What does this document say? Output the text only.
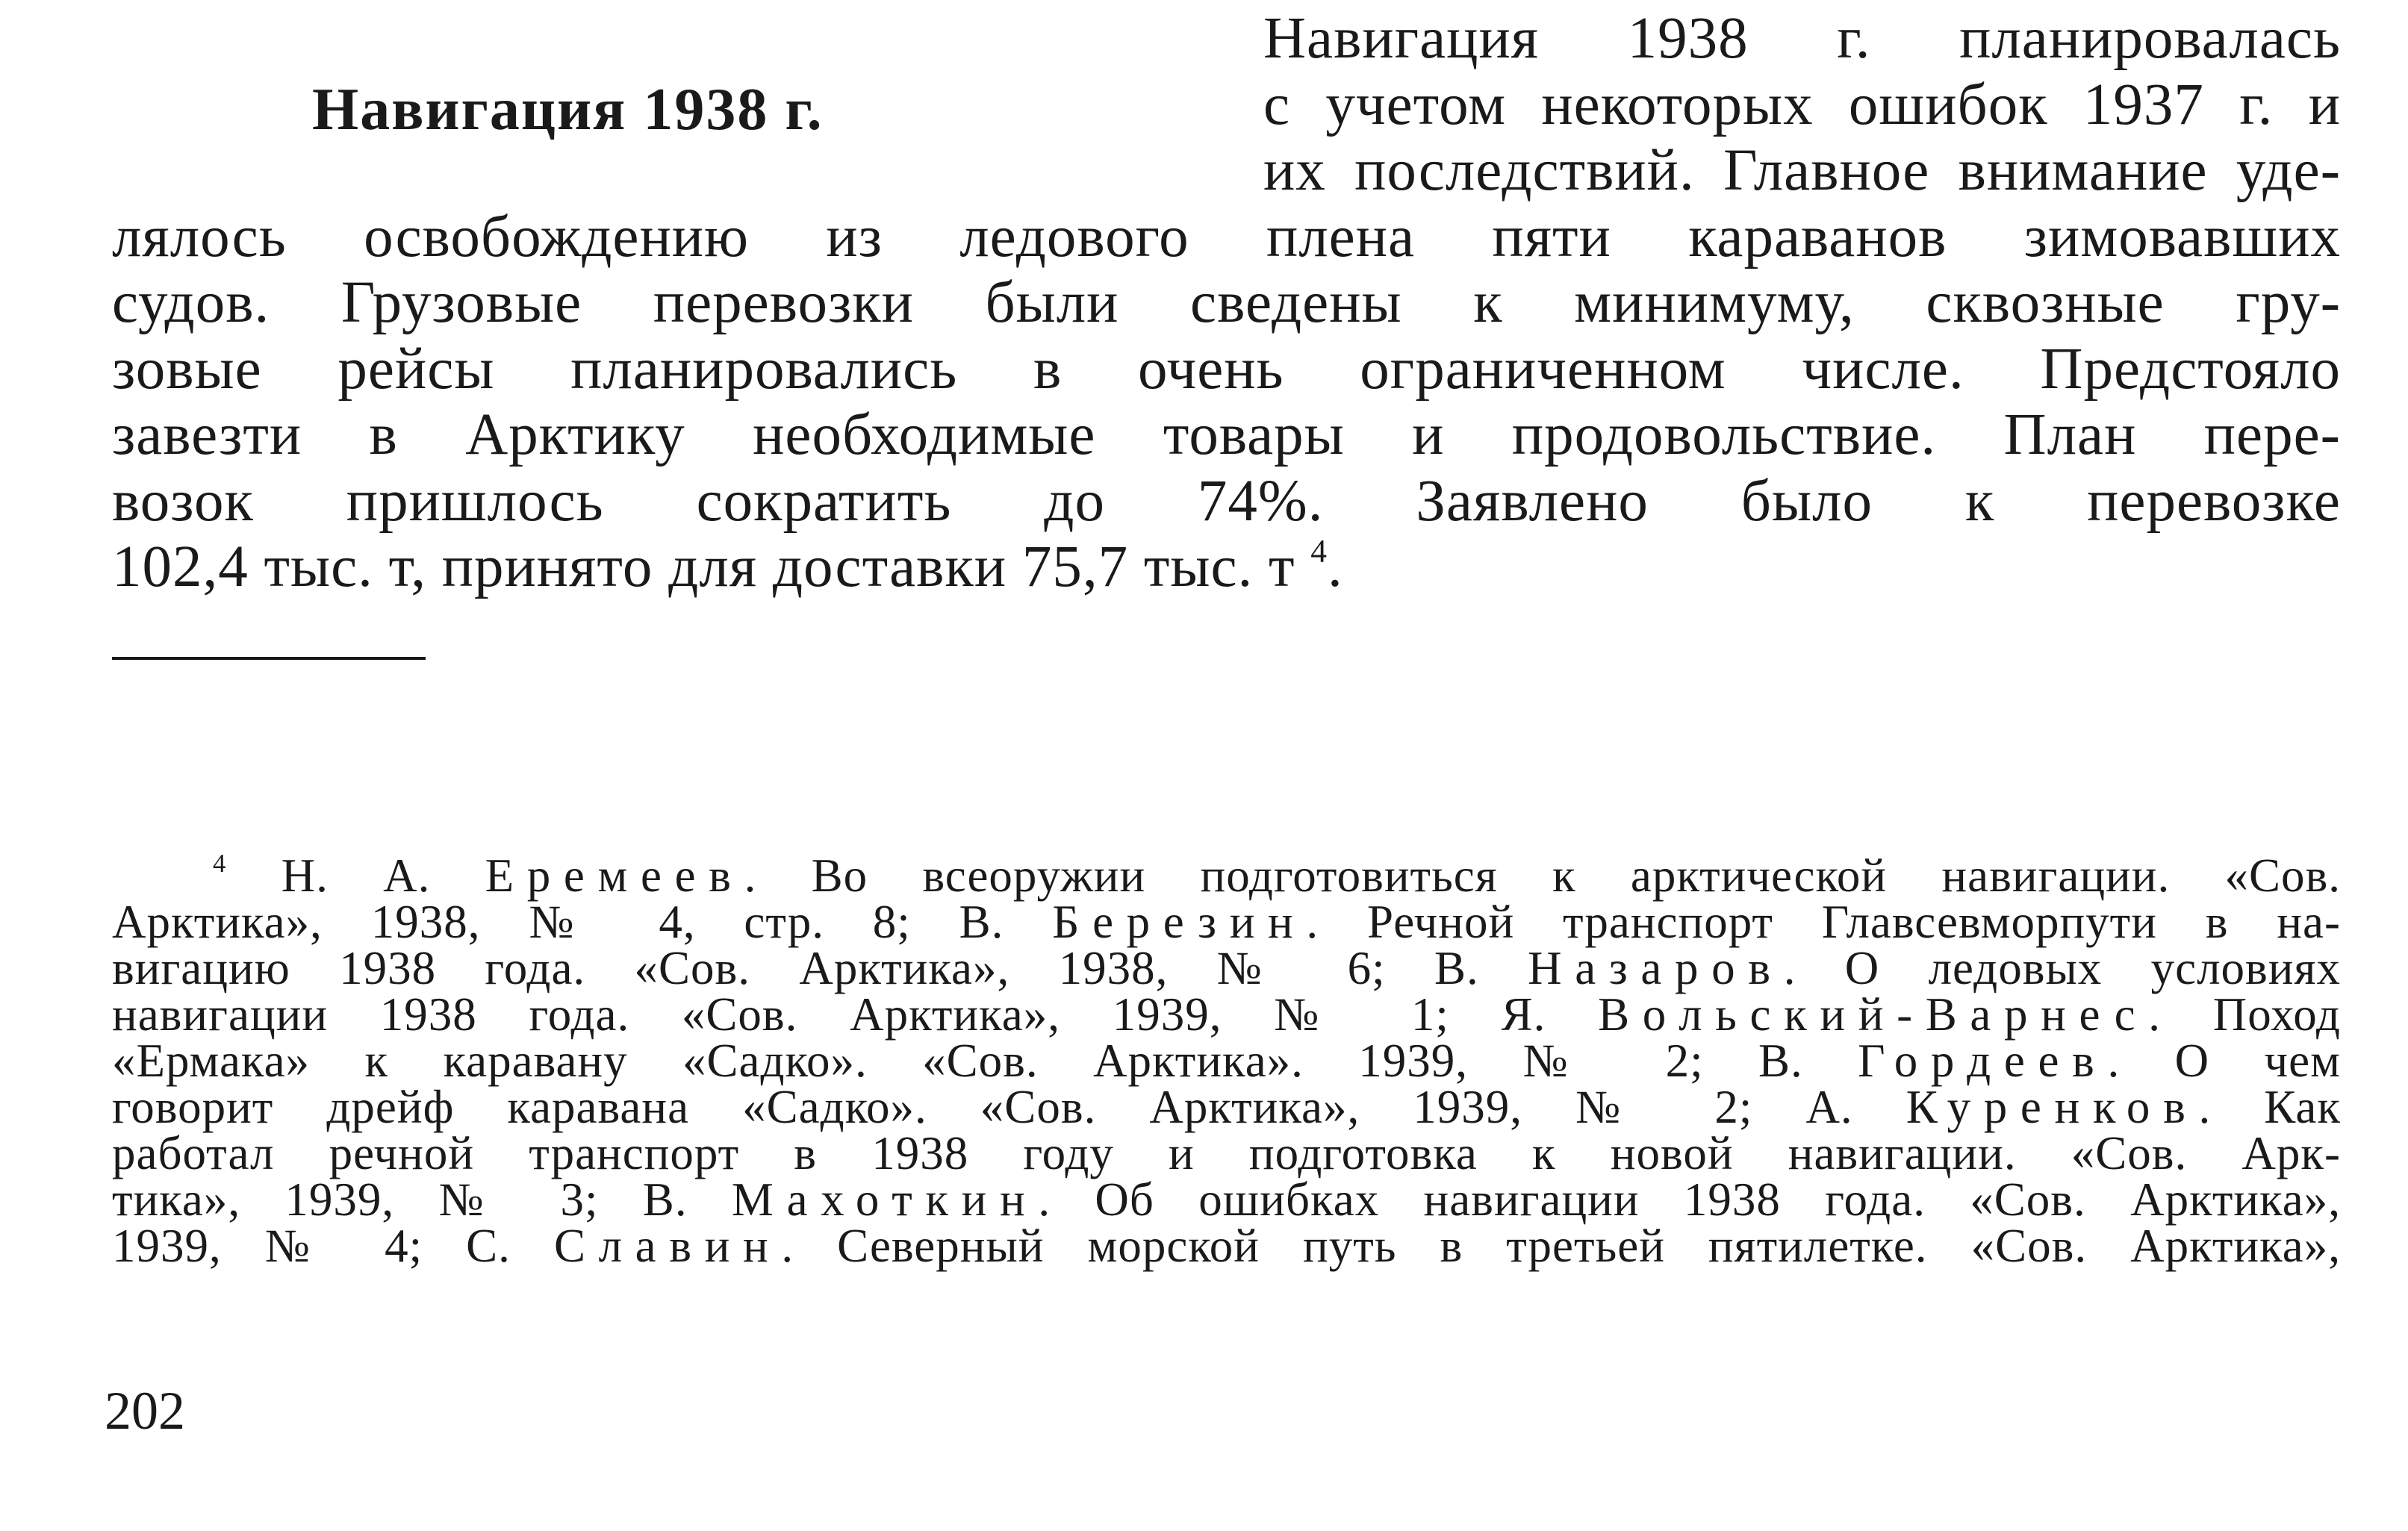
Навигация 1938 г.
Навигация 1938 г. планировалась
с учетом некоторых ошибок 1937 г. и
их последствий. Главное внимание уде-
лялось освобождению из ледового плена пяти караванов зимовавших
судов. Грузовые перевозки были сведены к минимуму, сквозные гру-
зовые рейсы планировались в очень ограниченном числе. Предстояло
завезти в Арктику необходимые товары и продовольствие. План пере-
возок пришлось сократить до 74%. Заявлено было к перевозке
102,4 тыс. т, принято для доставки 75,7 тыс. т $^4$.
$^4$ Н. А. Еремеев. Во всеоружии подготовиться к арктической навигации. «Сов.
Арктика», 1938, № 4, стр. 8; В. Березин. Речной транспорт Главсевморпути в на-
вигацию 1938 года. «Сов. Арктика», 1938, № 6; В. Назаров. О ледовых условиях
навигации 1938 года. «Сов. Арктика», 1939, № 1; Я. Вольский-Варнес. Поход
«Ермака» к каравану «Садко». «Сов. Арктика». 1939, № 2; В. Гордеев. О чем
говорит дрейф каравана «Садко». «Сов. Арктика», 1939, № 2; А. Куренков. Как
работал речной транспорт в 1938 году и подготовка к новой навигации. «Сов. Арк-
тика», 1939, № 3; В. Махоткин. Об ошибках навигации 1938 года. «Сов. Арктика»,
1939, № 4; С. Славин. Северный морской путь в третьей пятилетке. «Сов. Арктика»,
202
